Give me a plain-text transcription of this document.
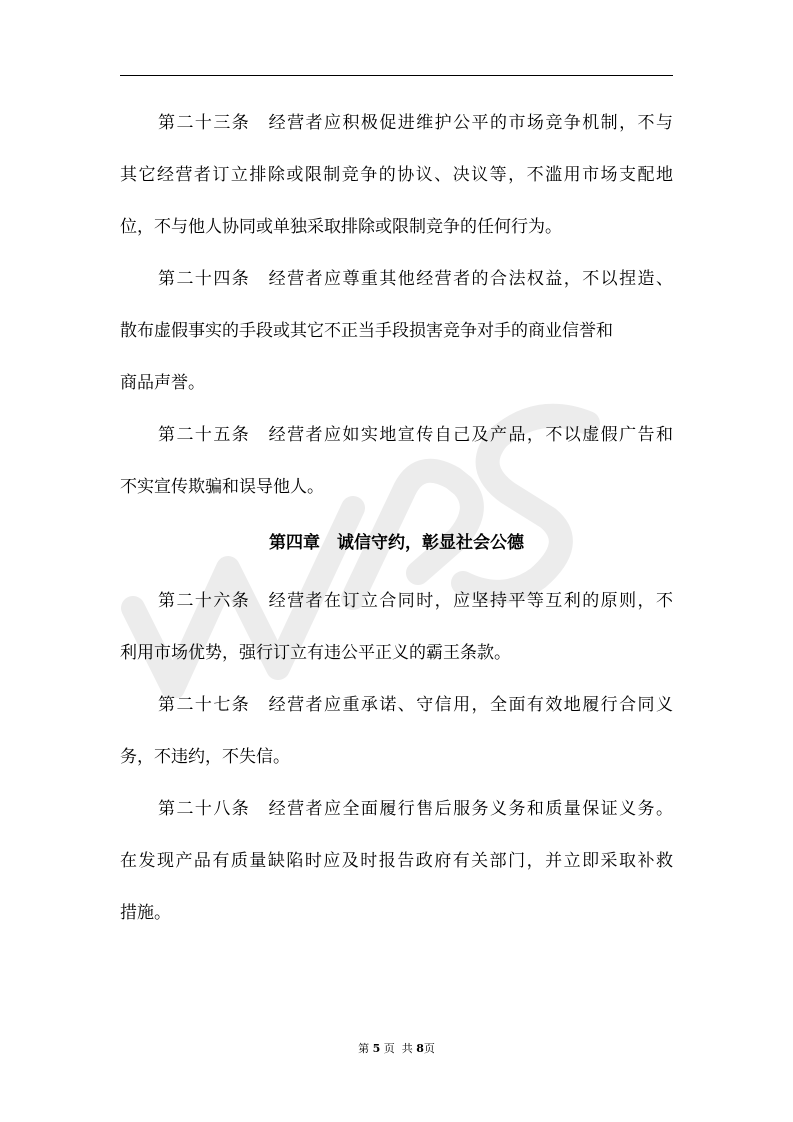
第二十三条　经营者应积极促进维护公平的市场竞争机制，不与
其它经营者订立排除或限制竞争的协议、决议等，不滥用市场支配地
位，不与他人协同或单独采取排除或限制竞争的任何行为。
第二十四条　经营者应尊重其他经营者的合法权益，不以捏造、
散布虚假事实的手段或其它不正当手段损害竞争对手的商业信誉和
商品声誉。
第二十五条　经营者应如实地宣传自己及产品，不以虚假广告和
不实宣传欺骗和误导他人。
第四章　诚信守约，彰显社会公德
第二十六条　经营者在订立合同时，应坚持平等互利的原则，不
利用市场优势，强行订立有违公平正义的霸王条款。
第二十七条　经营者应重承诺、守信用，全面有效地履行合同义
务，不违约，不失信。
第二十八条　经营者应全面履行售后服务义务和质量保证义务。
在发现产品有质量缺陷时应及时报告政府有关部门，并立即采取补救
措施。
第 5 页  共 8页
